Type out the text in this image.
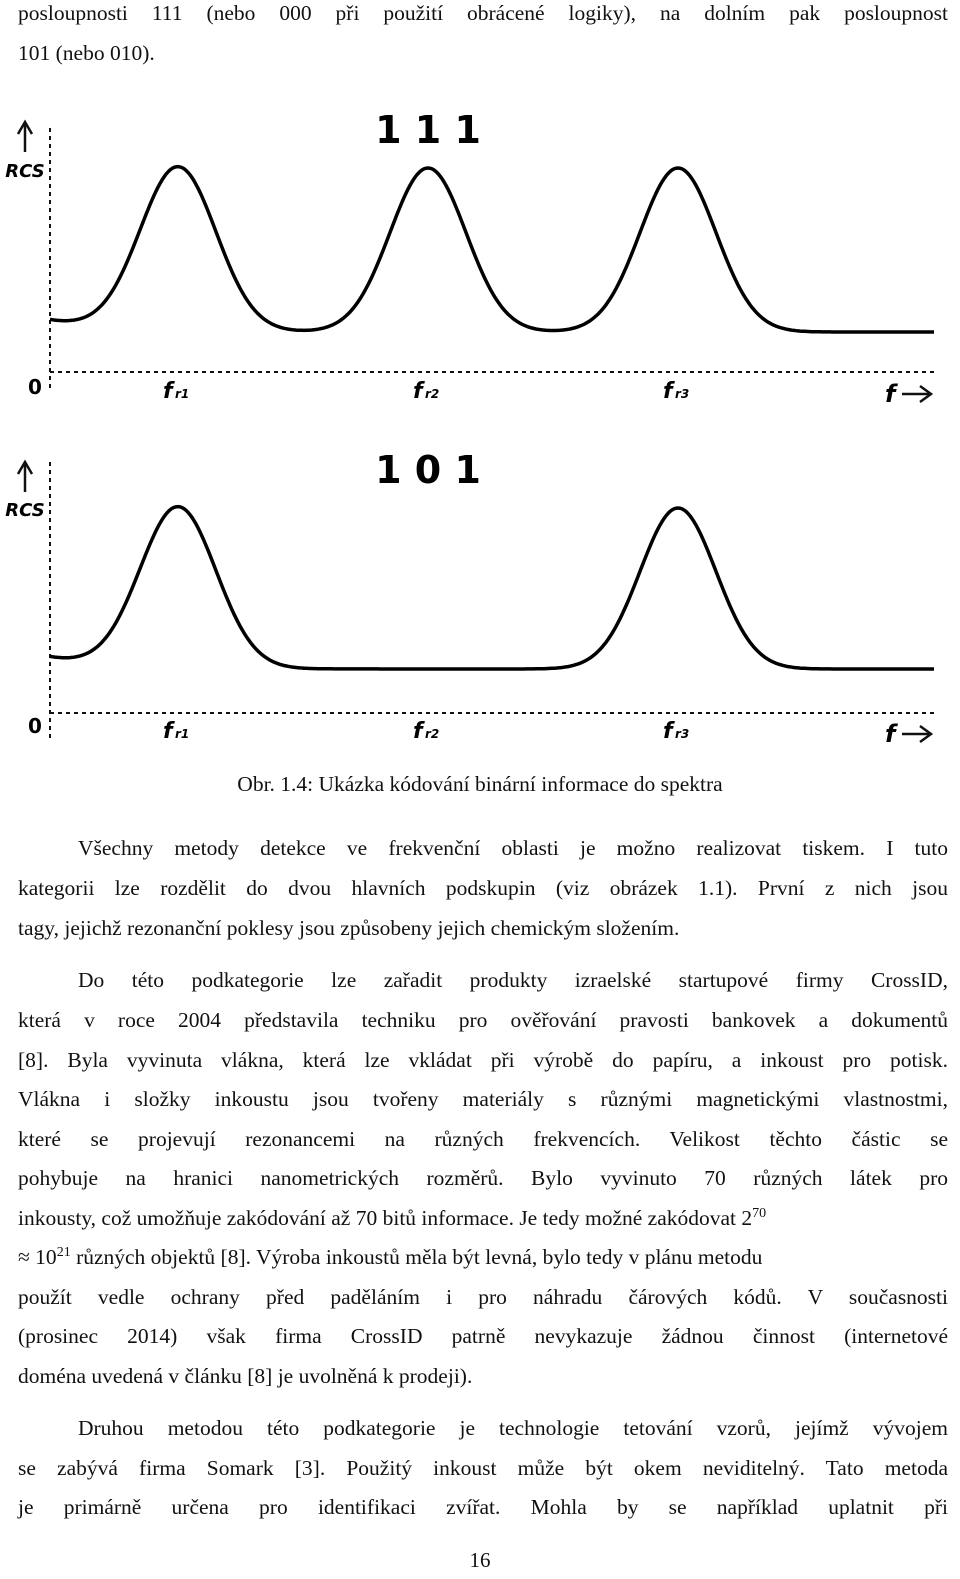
posloupnosti 111 (nebo 000 při použití obrácené logiky), na dolním pak posloupnost
101 (nebo 010).
1 1 1
RCS
0	f r1	f r2	f r3	f
1 0 1
RCS
0	f r1	f r2	f r3	f
Obr. 1.4: Ukázka kódování binární informace do spektra
Všechny metody detekce ve frekvenční oblasti je možno realizovat tiskem. I tuto
kategorii lze rozdělit do dvou hlavních podskupin (viz obrázek 1.1). První z nich jsou
tagy, jejichž rezonanční poklesy jsou způsobeny jejich chemickým složením.
Do této podkategorie lze zařadit produkty izraelské startupové firmy CrossID,
která v roce 2004 představila techniku pro ověřování pravosti bankovek a dokumentů
[8]. Byla vyvinuta vlákna, která lze vkládat při výrobě do papíru, a inkoust pro potisk.
Vlákna i složky inkoustu jsou tvořeny materiály s různými magnetickými vlastnostmi,
které se projevují rezonancemi na různých frekvencích. Velikost těchto částic se
pohybuje na hranici nanometrických rozměrů. Bylo vyvinuto 70 různých látek pro
inkousty, což umožňuje zakódování až 70 bitů informace. Je tedy možné zakódovat $2^{70}$
≈ $10^{21}$ různých objektů [8]. Výroba inkoustů měla být levná, bylo tedy v plánu metodu
použít vedle ochrany před paděláním i pro náhradu čárových kódů. V současnosti
(prosinec 2014) však firma CrossID patrně nevykazuje žádnou činnost (internetové
doména uvedená v článku [8] je uvolněná k prodeji).
Druhou metodou této podkategorie je technologie tetování vzorů, jejímž vývojem
se zabývá firma Somark [3]. Použitý inkoust může být okem neviditelný. Tato metoda
je primárně určena pro identifikaci zvířat. Mohla by se například uplatnit při
16
